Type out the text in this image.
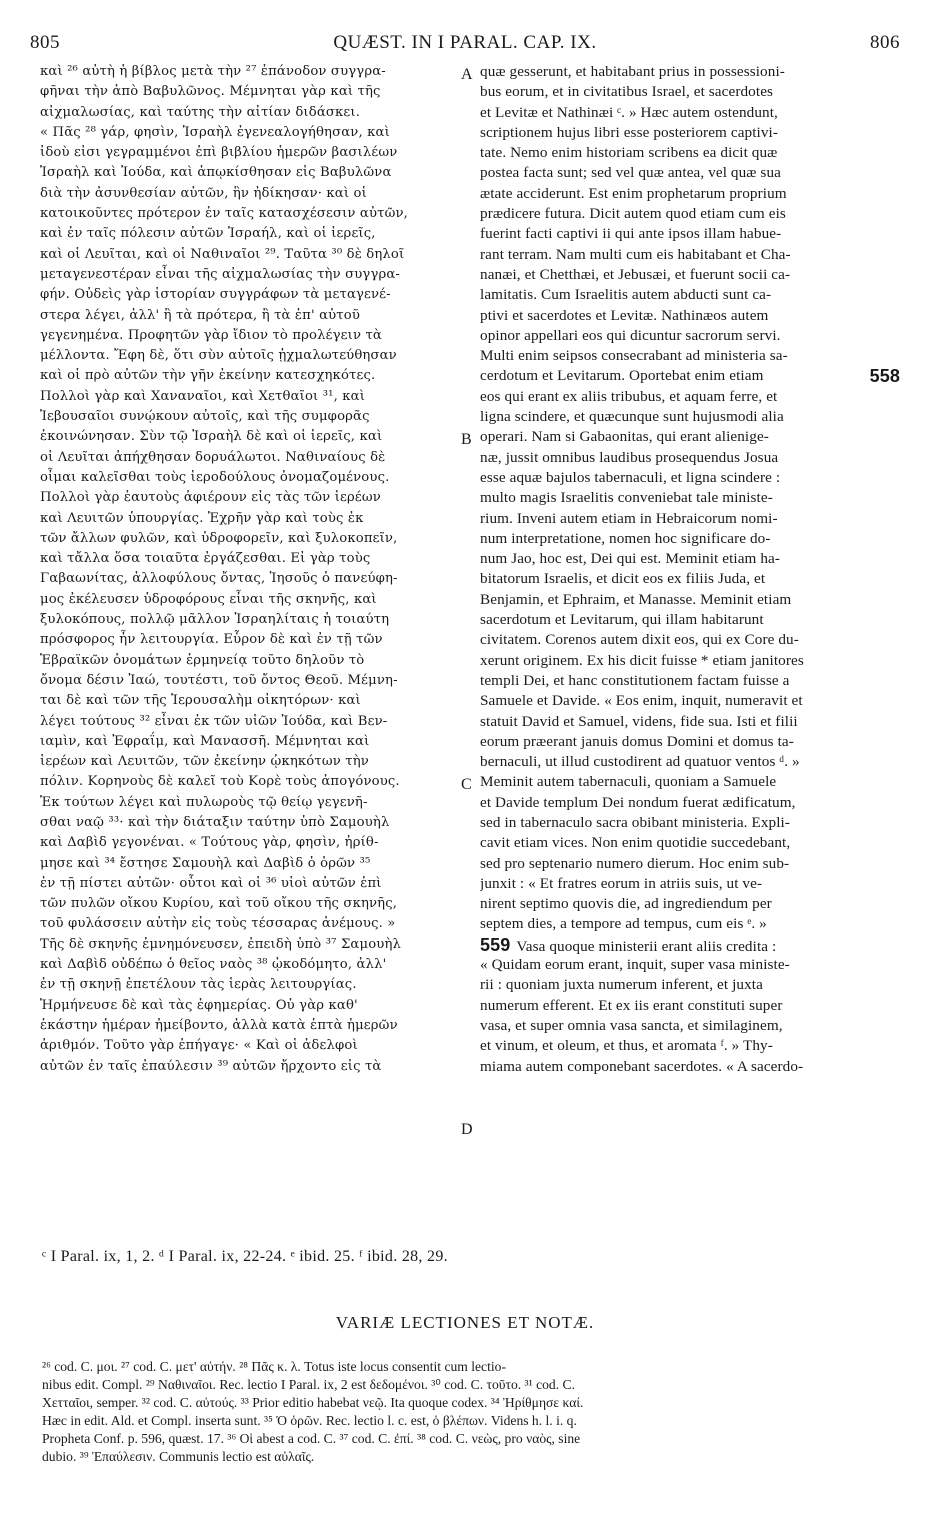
805	QUÆST. IN I PARAL. CAP. IX.	806
καὶ ²⁶ αὐτὴ ἡ βίβλος μετὰ τὴν ²⁷ ἐπάνοδον συγγρα-
φῆναι τὴν ἀπὸ Βαβυλῶνος. Μέμνηται γὰρ καὶ τῆς
αἰχμαλωσίας, καὶ ταύτης τὴν αἰτίαν διδάσκει.
« Πᾶς ²⁸ γάρ, φησὶν, Ἰσραὴλ ἐγενεαλογήθησαν, καὶ
ἰδοὺ εἰσι γεγραμμένοι ἐπὶ βιβλίου ἡμερῶν βασιλέων
Ἰσραὴλ καὶ Ἰούδα, καὶ ἀπῳκίσθησαν εἰς Βαβυλῶνα
διὰ τὴν ἀσυνθεσίαν αὐτῶν, ἣν ἠδίκησαν· καὶ οἱ
κατοικοῦντες πρότερον ἐν ταῖς κατασχέσεσιν αὐτῶν,
καὶ ἐν ταῖς πόλεσιν αὐτῶν Ἰσραήλ, καὶ οἱ ἱερεῖς,
καὶ οἱ Λευῖται, καὶ οἱ Ναθιναῖοι ²⁹. Ταῦτα ³⁰ δὲ δηλοῖ
μεταγενεστέραν εἶναι τῆς αἰχμαλωσίας τὴν συγγρα-
φήν. Οὐδεὶς γὰρ ἱστορίαν συγγράφων τὰ μεταγενέ-
στερα λέγει, ἀλλ' ἢ τὰ πρότερα, ἢ τὰ ἐπ' αὐτοῦ
γεγενημένα. Προφητῶν γὰρ ἴδιον τὸ προλέγειν τὰ
μέλλοντα. Ἔφη δὲ, ὅτι σὺν αὐτοῖς ᾐχμαλωτεύθησαν
καὶ οἱ πρὸ αὐτῶν τὴν γῆν ἐκείνην κατεσχηκότες.
Πολλοὶ γὰρ καὶ Χαναναῖοι, καὶ Χετθαῖοι ³¹, καὶ
Ἰεβουσαῖοι συνῴκουν αὐτοῖς, καὶ τῆς συμφορᾶς
ἐκοινώνησαν. Σὺν τῷ Ἰσραὴλ δὲ καὶ οἱ ἱερεῖς, καὶ
οἱ Λευῖται ἀπήχθησαν δορυάλωτοι. Ναθιναίους δὲ
οἶμαι καλεῖσθαι τοὺς ἱεροδούλους ὀνομαζομένους.
Πολλοὶ γὰρ ἑαυτοὺς ἀφιέρουν εἰς τὰς τῶν ἱερέων
καὶ Λευιτῶν ὑπουργίας. Ἐχρῆν γὰρ καὶ τοὺς ἐκ
τῶν ἄλλων φυλῶν, καὶ ὑδροφορεῖν, καὶ ξυλοκοπεῖν,
καὶ τἄλλα ὅσα τοιαῦτα ἐργάζεσθαι. Εἰ γὰρ τοὺς
Γαβαωνίτας, ἀλλοφύλους ὄντας, Ἰησοῦς ὁ πανεύφη-
μος ἐκέλευσεν ὑδροφόρους εἶναι τῆς σκηνῆς, καὶ
ξυλοκόπους, πολλῷ μᾶλλον Ἰσραηλίταις ἡ τοιαύτη
πρόσφορος ἦν λειτουργία. Εὗρον δὲ καὶ ἐν τῇ τῶν
Ἑβραϊκῶν ὀνομάτων ἑρμηνείᾳ τοῦτο δηλοῦν τὸ
ὄνομα δέσιν Ἰαώ, τουτέστι, τοῦ ὄντος Θεοῦ. Μέμνη-
ται δὲ καὶ τῶν τῆς Ἱερουσαλὴμ οἰκητόρων· καὶ
λέγει τούτους ³² εἶναι ἐκ τῶν υἱῶν Ἰούδα, καὶ Βεν-
ιαμὶν, καὶ Ἐφραΐμ, καὶ Μανασσῆ. Μέμνηται καὶ
ἱερέων καὶ Λευιτῶν, τῶν ἐκείνην ᾠκηκότων τὴν
πόλιν. Κορηνοὺς δὲ καλεῖ τοὺ Κορὲ τοὺς ἀπογόνους.
Ἐκ τούτων λέγει καὶ πυλωροὺς τῷ θείῳ γεγενῆ-
σθαι ναῷ ³³· καὶ τὴν διάταξιν ταύτην ὑπὸ Σαμουὴλ
καὶ Δαβὶδ γεγονέναι. « Τούτους γὰρ, φησὶν, ἠρίθ-
μησε καὶ ³⁴ ἔστησε Σαμουὴλ καὶ Δαβὶδ ὁ ὁρῶν ³⁵
ἐν τῇ πίστει αὐτῶν· οὗτοι καὶ οἱ ³⁶ υἱοὶ αὐτῶν ἐπὶ
τῶν πυλῶν οἴκου Κυρίου, καὶ τοῦ οἴκου τῆς σκηνῆς,
τοῦ φυλάσσειν αὐτὴν εἰς τοὺς τέσσαρας ἀνέμους. »
Τῆς δὲ σκηνῆς ἐμνημόνευσεν, ἐπειδὴ ὑπὸ ³⁷ Σαμουὴλ
καὶ Δαβὶδ οὐδέπω ὁ θεῖος ναὸς ³⁸ ᾠκοδόμητο, ἀλλ'
ἐν τῇ σκηνῇ ἐπετέλουν τὰς ἱερὰς λειτουργίας.
Ἡρμήνευσε δὲ καὶ τὰς ἐφημερίας. Οὐ γὰρ καθ'
ἑκάστην ἡμέραν ἠμείβοντο, ἀλλὰ κατὰ ἑπτὰ ἡμερῶν
ἀριθμόν. Τοῦτο γὰρ ἐπήγαγε· « Καὶ οἱ ἀδελφοὶ
αὐτῶν ἐν ταῖς ἐπαύλεσιν ³⁹ αὐτῶν ἤρχοντο εἰς τὰ
quæ gesserunt, et habitabant prius in possessioni-
bus eorum, et in civitatibus Israel, et sacerdotes
et Levitæ et Nathinæi ᶜ. » Hæc autem ostendunt,
scriptionem hujus libri esse posteriorem captivi-
tate. Nemo enim historiam scribens ea dicit quæ
postea facta sunt; sed vel quæ antea, vel quæ sua
ætate acciderunt. Est enim prophetarum proprium
prædicere futura. Dicit autem quod etiam cum eis
fuerint facti captivi ii qui ante ipsos illam habue-
rant terram. Nam multi cum eis habitabant et Cha-
nanæi, et Chetthæi, et Jebusæi, et fuerunt socii ca-
lamitatis. Cum Israelitis autem abducti sunt ca-
ptivi et sacerdotes et Levitæ. Nathinæos autem
opinor appellari eos qui dicuntur sacrorum servi.
Multi enim seipsos consecrabant ad ministeria sa-
cerdotum et Levitarum. Oportebat enim etiam	558
eos qui erant ex aliis tribubus, et aquam ferre, et
ligna scindere, et quæcunque sunt hujusmodi alia
operari. Nam si Gabaonitas, qui erant alienige-
næ, jussit omnibus laudibus prosequendus Josua
esse aquæ bajulos tabernaculi, et ligna scindere :
multo magis Israelitis conveniebat tale ministe-
rium. Inveni autem etiam in Hebraicorum nomi-
num interpretatione, nomen hoc significare do-
num Jao, hoc est, Dei qui est. Meminit etiam ha-
bitatorum Israelis, et dicit eos ex filiis Juda, et
Benjamin, et Ephraim, et Manasse. Meminit etiam
sacerdotum et Levitarum, qui illam habitarunt
civitatem. Corenos autem dixit eos, qui ex Core du-
xerunt originem. Ex his dicit fuisse * etiam janitores
templi Dei, et hanc constitutionem factam fuisse a
Samuele et Davide. « Eos enim, inquit, numeravit et
statuit David et Samuel, videns, fide sua. Isti et filii
eorum præerant januis domus Domini et domus ta-
bernaculi, ut illud custodirent ad quatuor ventos ᵈ. »
Meminit autem tabernaculi, quoniam a Samuele
et Davide templum Dei nondum fuerat ædificatum,
sed in tabernaculo sacra obibant ministeria. Expli-
cavit etiam vices. Non enim quotidie succedebant,
sed pro septenario numero dierum. Hoc enim sub-
junxit : « Et fratres eorum in atriis suis, ut ve-
nirent septimo quovis die, ad ingrediendum per
septem dies, a tempore ad tempus, cum eis ᵉ. »
559 Vasa quoque ministerii erant aliis credita :
« Quidam eorum erant, inquit, super vasa ministe-
rii : quoniam juxta numerum inferent, et juxta
numerum efferent. Et ex iis erant constituti super
vasa, et super omnia vasa sancta, et similaginem,
et vinum, et oleum, et thus, et aromata ᶠ. » Thy-
miama autem componebant sacerdotes. « A sacerdo-
A
B
C
D
ᶜ I Paral. ix, 1, 2. ᵈ I Paral. ix, 22-24. ᵉ ibid. 25. ᶠ ibid. 28, 29.
VARIÆ LECTIONES ET NOTÆ.
²⁶ cod. C. μοι. ²⁷ cod. C. μετ' αὐτήν. ²⁸ Πᾶς κ. λ. Totus iste locus consentit cum lectio-
nibus edit. Compl. ²⁹ Ναθιναῖοι. Rec. lectio I Paral. ix, 2 est δεδομένοι. ³⁰ cod. C. τοῦτο. ³¹ cod. C.
Χετταῖοι, semper. ³² cod. C. αὐτούς. ³³ Prior editio habebat νεῷ. Ita quoque codex. ³⁴ Ἠρίθμησε καί.
Hæc in edit. Ald. et Compl. inserta sunt. ³⁵ Ὁ ὁρῶν. Rec. lectio l. c. est, ὁ βλέπων. Videns h. l. i. q.
Propheta Conf. p. 596, quæst. 17. ³⁶ Οἱ abest a cod. C. ³⁷ cod. C. ἐπί. ³⁸ cod. C. νεὼς, pro ναὸς, sine
dubio. ³⁹ Ἐπαύλεσιν. Communis lectio est αὐλαῖς.
